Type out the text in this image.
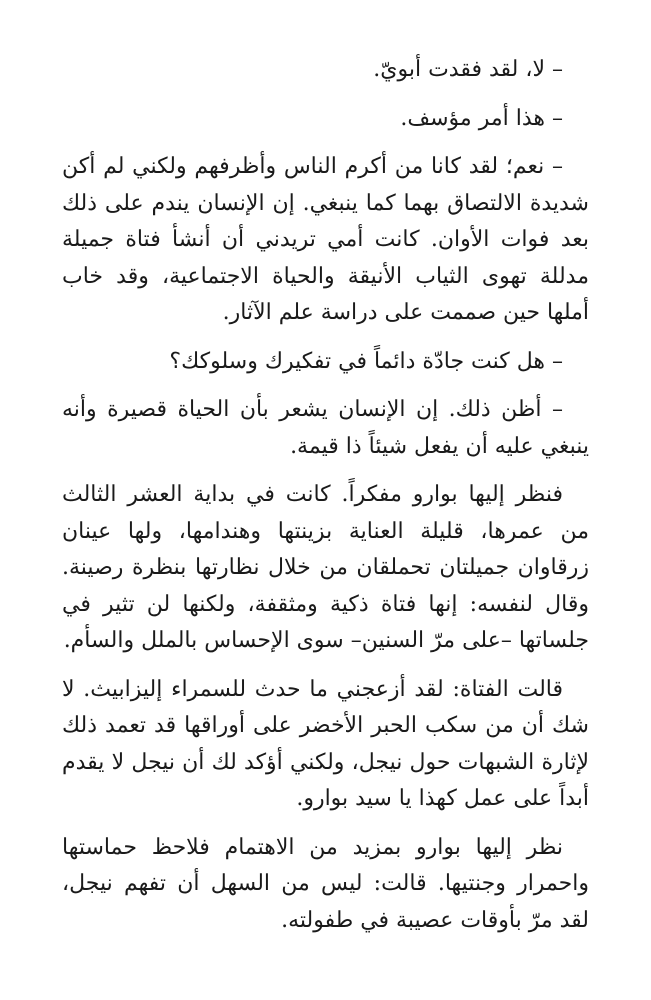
– لا، لقد فقدت أبويّ.

– هذا أمر مؤسف.

– نعم؛ لقد كانا من أكرم الناس وأظرفهم ولكني لم أكن شديدة الالتصاق بهما كما ينبغي. إن الإنسان يندم على ذلك بعد فوات الأوان. كانت أمي تريدني أن أنشأ فتاة جميلة مدللة تهوى الثياب الأنيقة والحياة الاجتماعية، وقد خاب أملها حين صممت على دراسة علم الآثار.

– هل كنت جادّة دائماً في تفكيرك وسلوكك؟

– أظن ذلك. إن الإنسان يشعر بأن الحياة قصيرة وأنه ينبغي عليه أن يفعل شيئاً ذا قيمة.

فنظر إليها بوارو مفكراً. كانت في بداية العشر الثالث من عمرها، قليلة العناية بزينتها وهندامها، ولها عينان زرقاوان جميلتان تحملقان من خلال نظارتها بنظرة رصينة. وقال لنفسه: إنها فتاة ذكية ومثقفة، ولكنها لن تثير في جلساتها –على مرّ السنين– سوى الإحساس بالملل والسأم.

قالت الفتاة: لقد أزعجني ما حدث للسمراء إليزابيث. لا شك أن من سكب الحبر الأخضر على أوراقها قد تعمد ذلك لإثارة الشبهات حول نيجل، ولكني أؤكد لك أن نيجل لا يقدم أبداً على عمل كهذا يا سيد بوارو.

نظر إليها بوارو بمزيد من الاهتمام فلاحظ حماستها واحمرار وجنتيها. قالت: ليس من السهل أن تفهم نيجل، لقد مرّ بأوقات عصيبة في طفولته.
